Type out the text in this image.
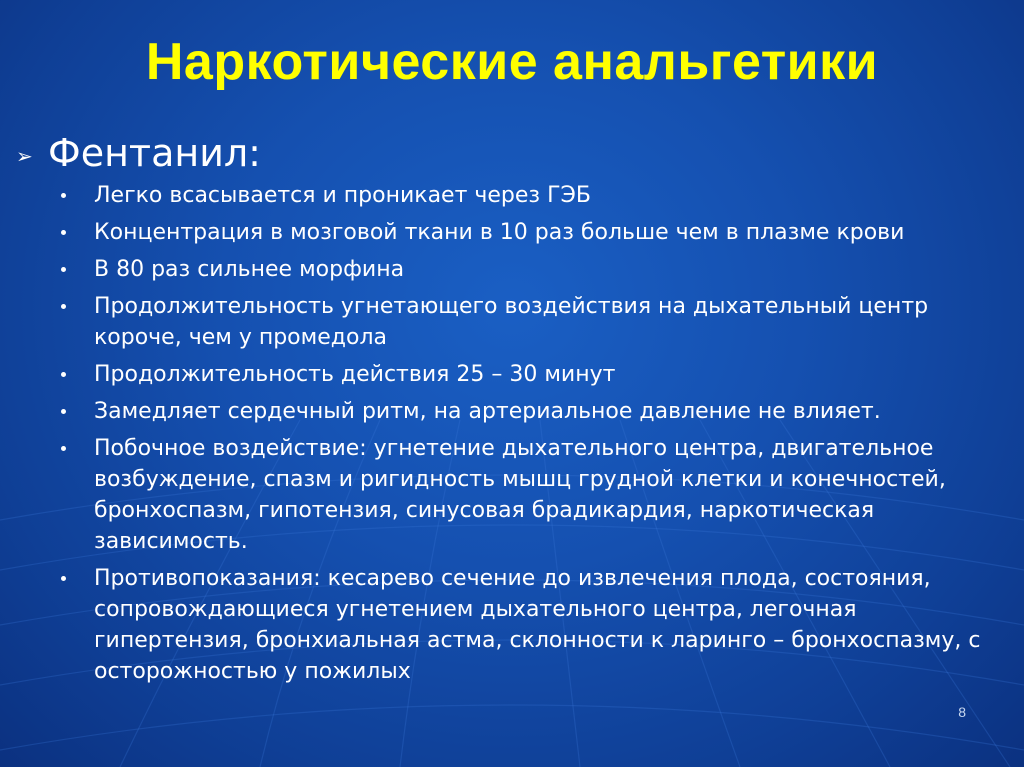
Наркотические анальгетики
➢ Фентанил:
Легко всасывается и проникает через ГЭБ
Концентрация в мозговой ткани в 10 раз больше чем в плазме крови
В 80 раз сильнее морфина
Продолжительность угнетающего воздействия на дыхательный центр короче, чем у промедола
Продолжительность действия 25 – 30 минут
Замедляет сердечный ритм, на артериальное давление не влияет.
Побочное воздействие: угнетение дыхательного центра, двигательное возбуждение, спазм и ригидность мышц грудной клетки и конечностей, бронхоспазм, гипотензия, синусовая брадикардия, наркотическая зависимость.
Противопоказания: кесарево сечение до извлечения плода, состояния, сопровождающиеся угнетением дыхательного центра, легочная гипертензия, бронхиальная астма, склонности к ларинго – бронхоспазму, с осторожностью у пожилых
8
